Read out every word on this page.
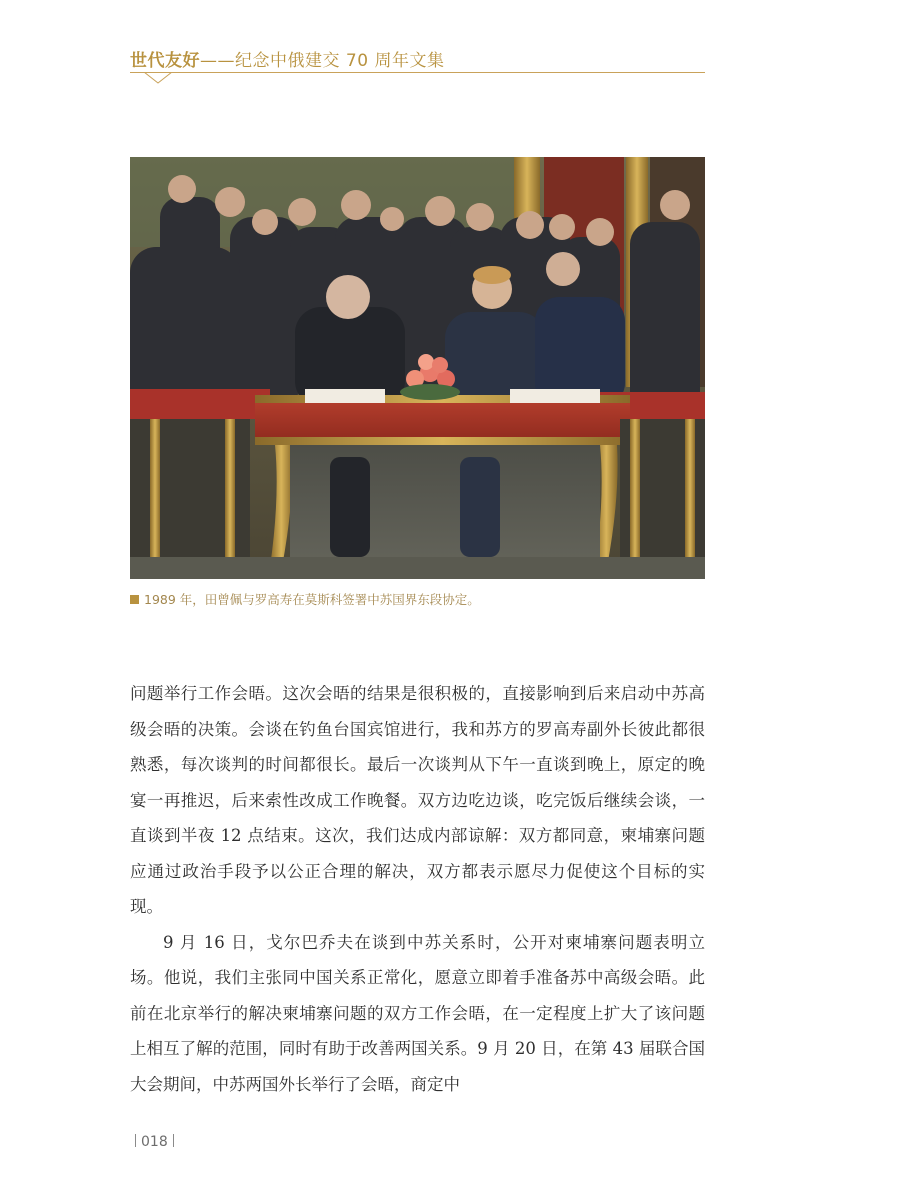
世代友好——纪念中俄建交 70 周年文集
1989 年，田曾佩与罗高寿在莫斯科签署中苏国界东段协定。

问题举行工作会晤。这次会晤的结果是很积极的，直接影响到后来启动中苏高级会晤的决策。会谈在钓鱼台国宾馆进行，我和苏方的罗高寿副外长彼此都很熟悉，每次谈判的时间都很长。最后一次谈判从下午一直谈到晚上，原定的晚宴一再推迟，后来索性改成工作晚餐。双方边吃边谈，吃完饭后继续会谈，一直谈到半夜 12 点结束。这次，我们达成内部谅解：双方都同意，柬埔寨问题应通过政治手段予以公正合理的解决，双方都表示愿尽力促使这个目标的实现。

9 月 16 日，戈尔巴乔夫在谈到中苏关系时，公开对柬埔寨问题表明立场。他说，我们主张同中国关系正常化，愿意立即着手准备苏中高级会晤。此前在北京举行的解决柬埔寨问题的双方工作会晤，在一定程度上扩大了该问题上相互了解的范围，同时有助于改善两国关系。9 月 20 日，在第 43 届联合国大会期间，中苏两国外长举行了会晤，商定中

018
